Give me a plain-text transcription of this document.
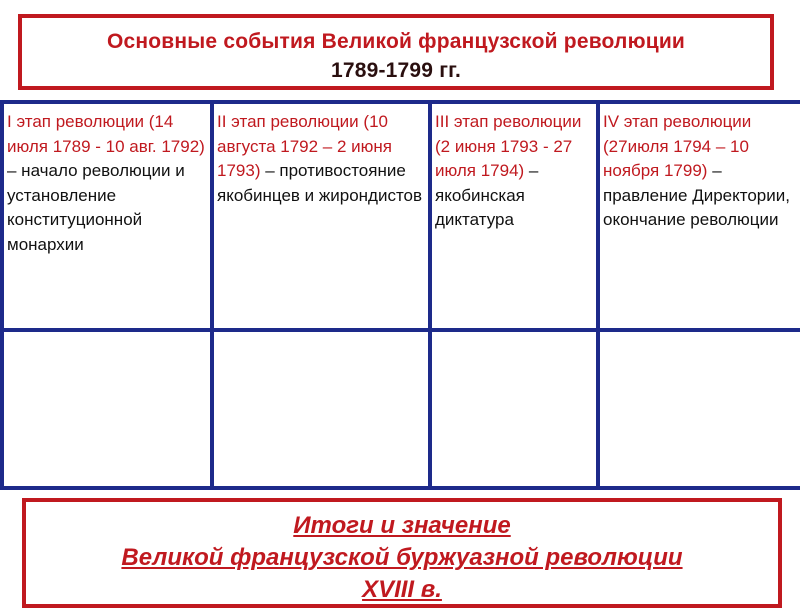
Основные события Великой французской революции
1789-1799 гг.
I этап революции (14 июля 1789 - 10 авг. 1792) – начало революции и установление конституционной монархии	II этап революции (10 августа 1792 – 2 июня 1793) – противостояние якобинцев и жирондистов	III этап революции (2 июня 1793 - 27 июля 1794) – якобинская диктатура	IV этап революции (27июля 1794 – 10 ноября 1799) – правление Директории, окончание революции

Итоги и значение
Великой французской буржуазной революции
XVIII в.
